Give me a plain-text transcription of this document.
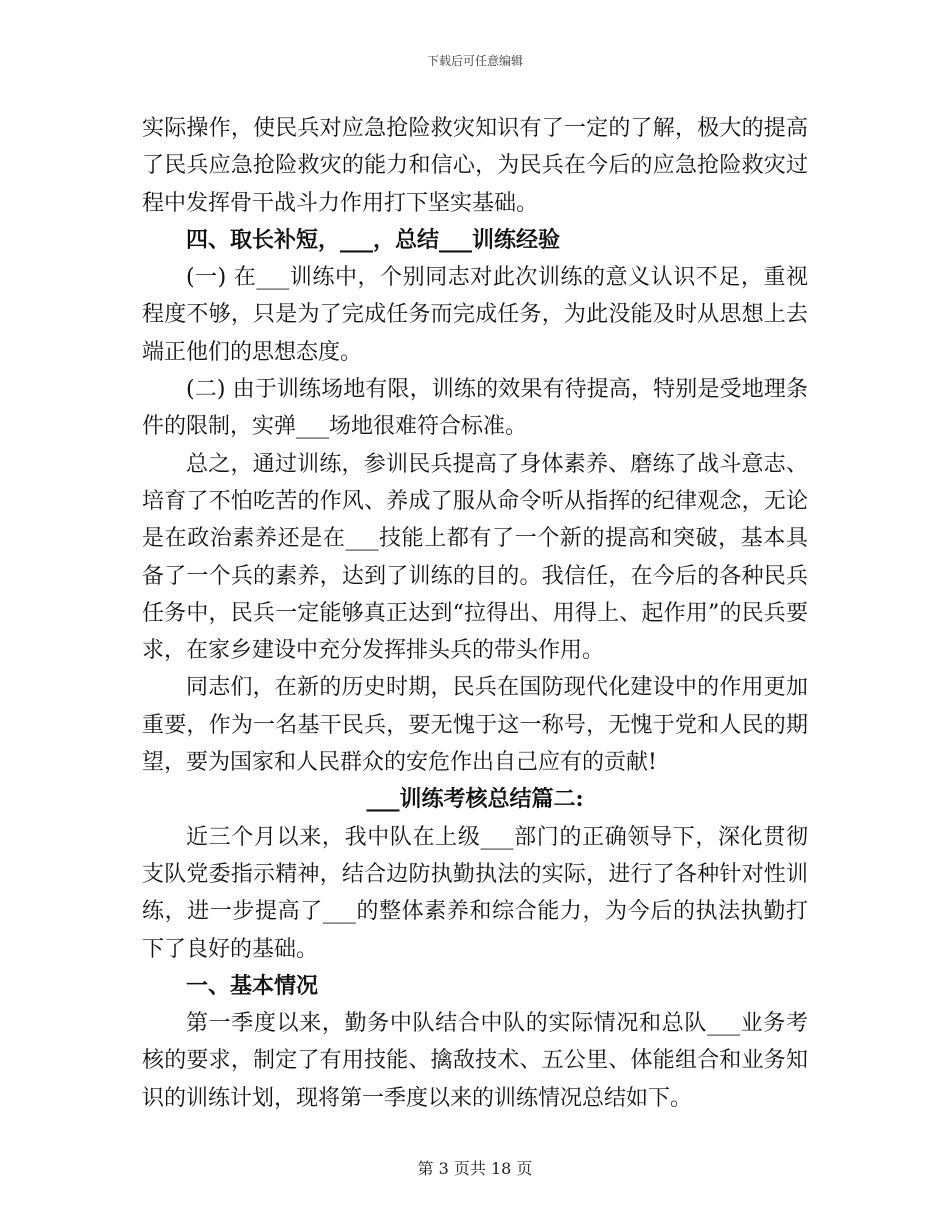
下载后可任意编辑

实际操作，使民兵对应急抢险救灾知识有了一定的了解，极大的提高了民兵应急抢险救灾的能力和信心，为民兵在今后的应急抢险救灾过程中发挥骨干战斗力作用打下坚实基础。

四、取长补短，___，总结___训练经验

(一) 在___训练中，个别同志对此次训练的意义认识不足，重视程度不够，只是为了完成任务而完成任务，为此没能及时从思想上去端正他们的思想态度。

(二) 由于训练场地有限，训练的效果有待提高，特别是受地理条件的限制，实弹___场地很难符合标准。

总之，通过训练，参训民兵提高了身体素养、磨练了战斗意志、培育了不怕吃苦的作风、养成了服从命令听从指挥的纪律观念，无论是在政治素养还是在___技能上都有了一个新的提高和突破，基本具备了一个兵的素养，达到了训练的目的。我信任，在今后的各种民兵任务中，民兵一定能够真正达到“拉得出、用得上、起作用”的民兵要求，在家乡建设中充分发挥排头兵的带头作用。

同志们，在新的历史时期，民兵在国防现代化建设中的作用更加重要，作为一名基干民兵，要无愧于这一称号，无愧于党和人民的期望，要为国家和人民群众的安危作出自己应有的贡献!

___训练考核总结篇二:

近三个月以来，我中队在上级___部门的正确领导下，深化贯彻支队党委指示精神，结合边防执勤执法的实际，进行了各种针对性训练，进一步提高了___的整体素养和综合能力，为今后的执法执勤打下了良好的基础。

一、基本情况

第一季度以来，勤务中队结合中队的实际情况和总队___业务考核的要求，制定了有用技能、擒敌技术、五公里、体能组合和业务知识的训练计划，现将第一季度以来的训练情况总结如下。

第 3 页共 18 页
